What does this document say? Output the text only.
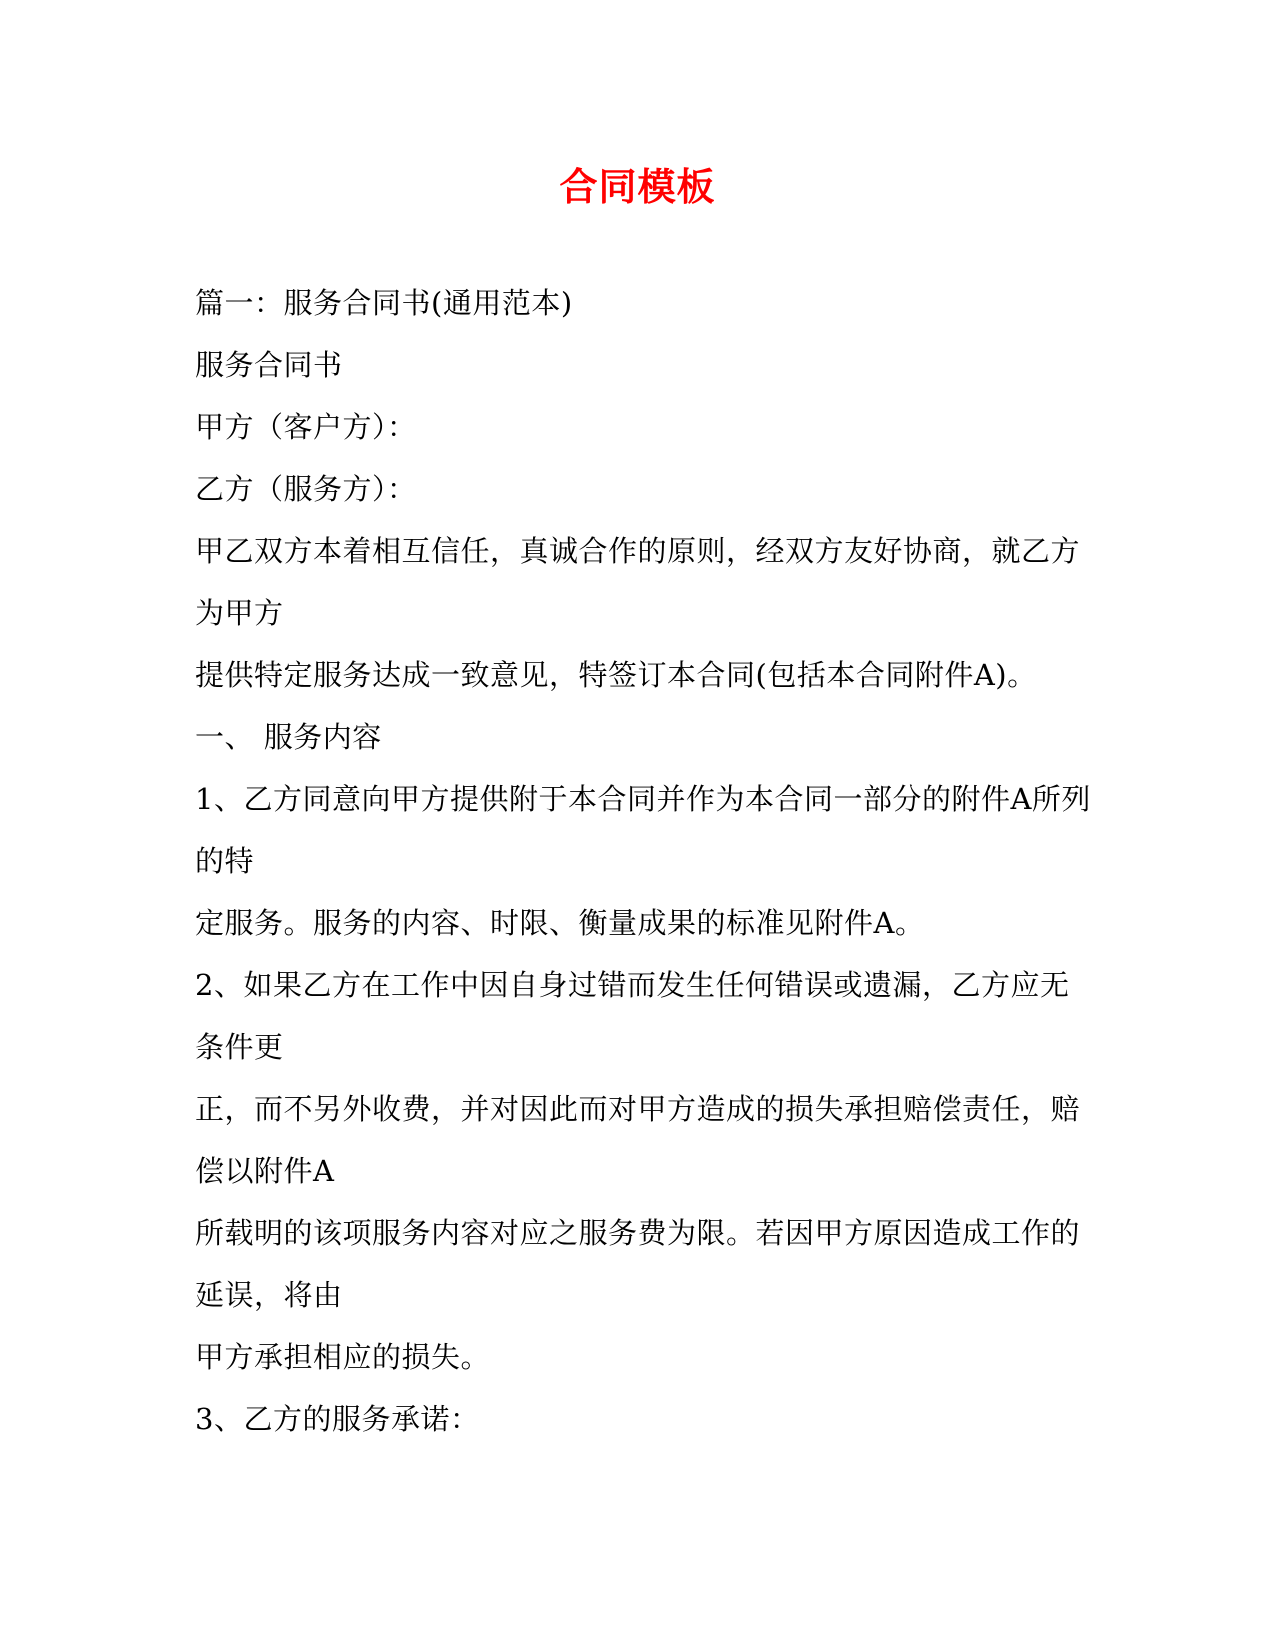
合同模板
篇一：服务合同书(通用范本)
服务合同书
甲方（客户方）：
乙方（服务方）：
甲乙双方本着相互信任，真诚合作的原则，经双方友好协商，就乙方
为甲方
提供特定服务达成一致意见，特签订本合同(包括本合同附件A)。
一、 服务内容
1、乙方同意向甲方提供附于本合同并作为本合同一部分的附件A所列
的特
定服务。服务的内容、时限、衡量成果的标准见附件A。
2、如果乙方在工作中因自身过错而发生任何错误或遗漏，乙方应无
条件更
正，而不另外收费，并对因此而对甲方造成的损失承担赔偿责任，赔
偿以附件A
所载明的该项服务内容对应之服务费为限。若因甲方原因造成工作的
延误，将由
甲方承担相应的损失。
3、乙方的服务承诺：
